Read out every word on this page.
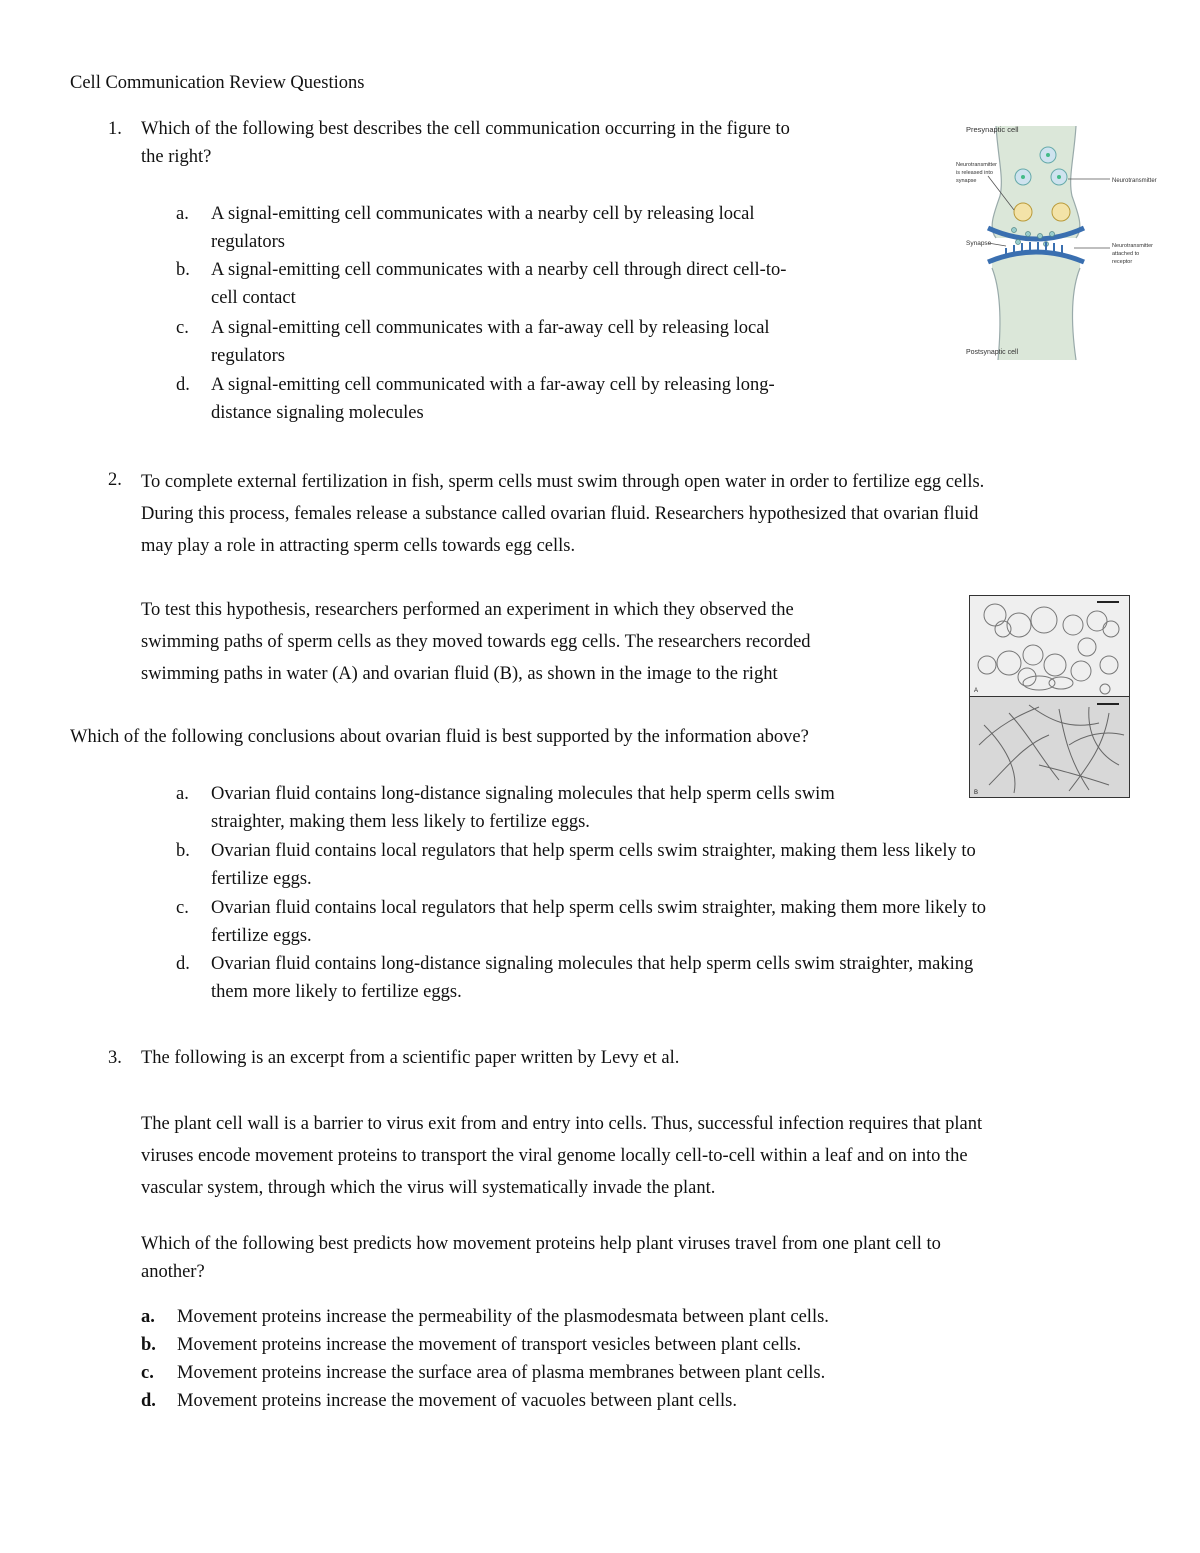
Cell Communication Review Questions
1. Which of the following best describes the cell communication occurring in the figure to
the right?
a. A signal-emitting cell communicates with a nearby cell by releasing local
regulators
b. A signal-emitting cell communicates with a nearby cell through direct cell-to-
cell contact
c. A signal-emitting cell communicates with a far-away cell by releasing local
regulators
d. A signal-emitting cell communicated with a far-away cell by releasing long-
distance signaling molecules
Presynaptic cell
Neurotransmitter
is released into
synapse	Neurotransmitter
Synapse	Neurotransmitter
attached to
receptor
Postsynaptic cell
2. To complete external fertilization in fish, sperm cells must swim through open water in order to fertilize egg cells.
During this process, females release a substance called ovarian fluid. Researchers hypothesized that ovarian fluid
may play a role in attracting sperm cells towards egg cells.
To test this hypothesis, researchers performed an experiment in which they observed the
swimming paths of sperm cells as they moved towards egg cells. The researchers recorded
swimming paths in water (A) and ovarian fluid (B), as shown in the image to the right
Which of the following conclusions about ovarian fluid is best supported by the information above?
a. Ovarian fluid contains long-distance signaling molecules that help sperm cells swim
straighter, making them less likely to fertilize eggs.
b. Ovarian fluid contains local regulators that help sperm cells swim straighter, making them less likely to
fertilize eggs.
c. Ovarian fluid contains local regulators that help sperm cells swim straighter, making them more likely to
fertilize eggs.
d. Ovarian fluid contains long-distance signaling molecules that help sperm cells swim straighter, making
them more likely to fertilize eggs.
A
B
3. The following is an excerpt from a scientific paper written by Levy et al.
The plant cell wall is a barrier to virus exit from and entry into cells. Thus, successful infection requires that plant
viruses encode movement proteins to transport the viral genome locally cell-to-cell within a leaf and on into the
vascular system, through which the virus will systematically invade the plant.
Which of the following best predicts how movement proteins help plant viruses travel from one plant cell to
another?
a. Movement proteins increase the permeability of the plasmodesmata between plant cells.
b. Movement proteins increase the movement of transport vesicles between plant cells.
c. Movement proteins increase the surface area of plasma membranes between plant cells.
d. Movement proteins increase the movement of vacuoles between plant cells.
